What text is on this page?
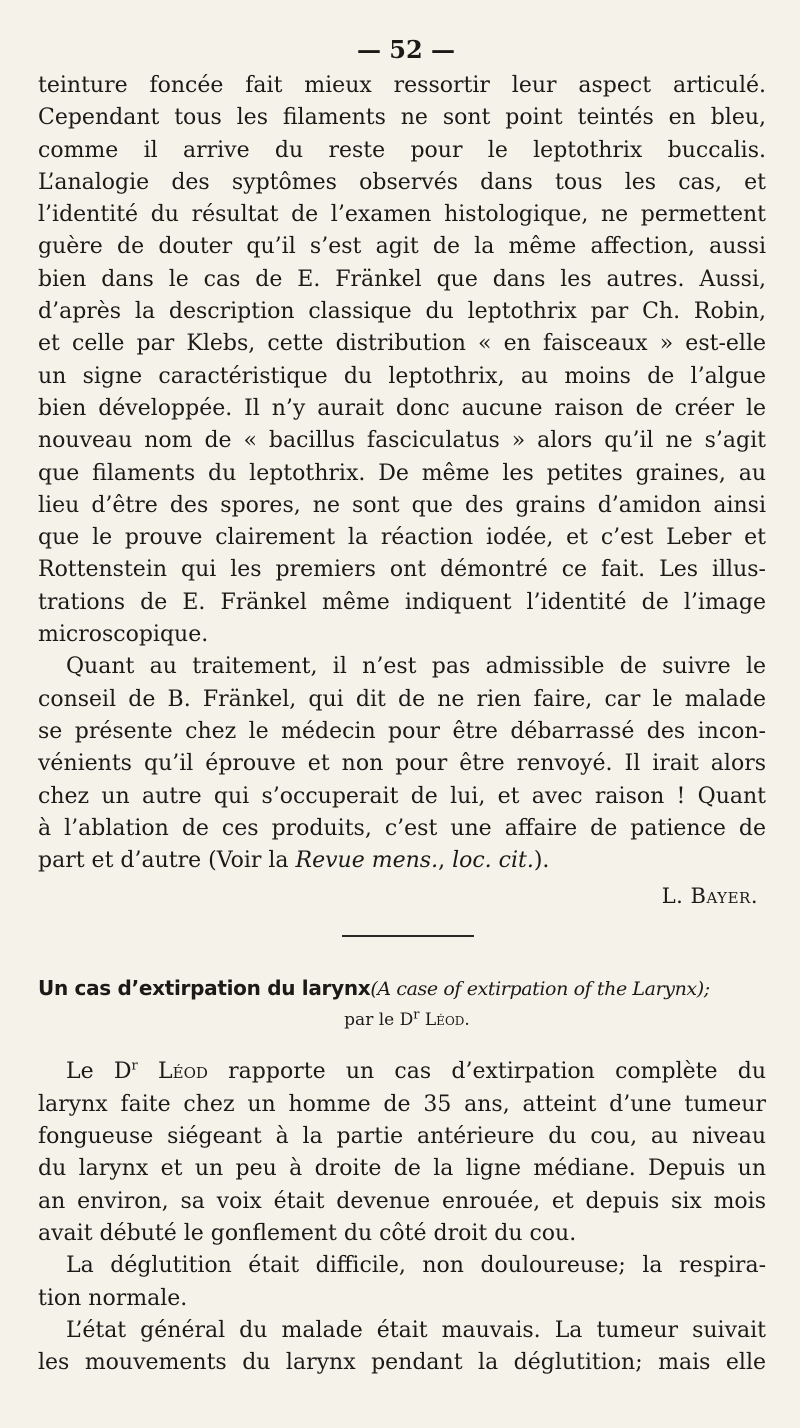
— 52 —

teinture foncée fait mieux ressortir leur aspect articulé.
Cependant tous les filaments ne sont point teintés en bleu,
comme il arrive du reste pour le leptothrix buccalis.
L’analogie des syptômes observés dans tous les cas, et
l’identité du résultat de l’examen histologique, ne permettent
guère de douter qu’il s’est agit de la même affection, aussi
bien dans le cas de E. Fränkel que dans les autres. Aussi,
d’après la description classique du leptothrix par Ch. Robin,
et celle par Klebs, cette distribution « en faisceaux » est-elle
un signe caractéristique du leptothrix, au moins de l’algue
bien développée. Il n’y aurait donc aucune raison de créer le
nouveau nom de « bacillus fasciculatus » alors qu’il ne s’agit
que filaments du leptothrix. De même les petites graines, au
lieu d’être des spores, ne sont que des grains d’amidon ainsi
que le prouve clairement la réaction iodée, et c’est Leber et
Rottenstein qui les premiers ont démontré ce fait. Les illus-
trations de E. Fränkel même indiquent l’identité de l’image
microscopique.

Quant au traitement, il n’est pas admissible de suivre le
conseil de B. Fränkel, qui dit de ne rien faire, car le malade
se présente chez le médecin pour être débarrassé des incon-
vénients qu’il éprouve et non pour être renvoyé. Il irait alors
chez un autre qui s’occuperait de lui, et avec raison ! Quant
à l’ablation de ces produits, c’est une affaire de patience de
part et d’autre (Voir la Revue mens., loc. cit.).

L. Bayer.
Un cas d’extirpation du larynx(A case of extirpation of the Larynx);
par le $D^r$ Léod.

Le $D^r$ Léod rapporte un cas d’extirpation complète du
larynx faite chez un homme de 35 ans, atteint d’une tumeur
fongueuse siégeant à la partie antérieure du cou, au niveau
du larynx et un peu à droite de la ligne médiane. Depuis un
an environ, sa voix était devenue enrouée, et depuis six mois
avait débuté le gonflement du côté droit du cou.

La déglutition était difficile, non douloureuse; la respira-
tion normale.

L’état général du malade était mauvais. La tumeur suivait
les mouvements du larynx pendant la déglutition; mais elle
